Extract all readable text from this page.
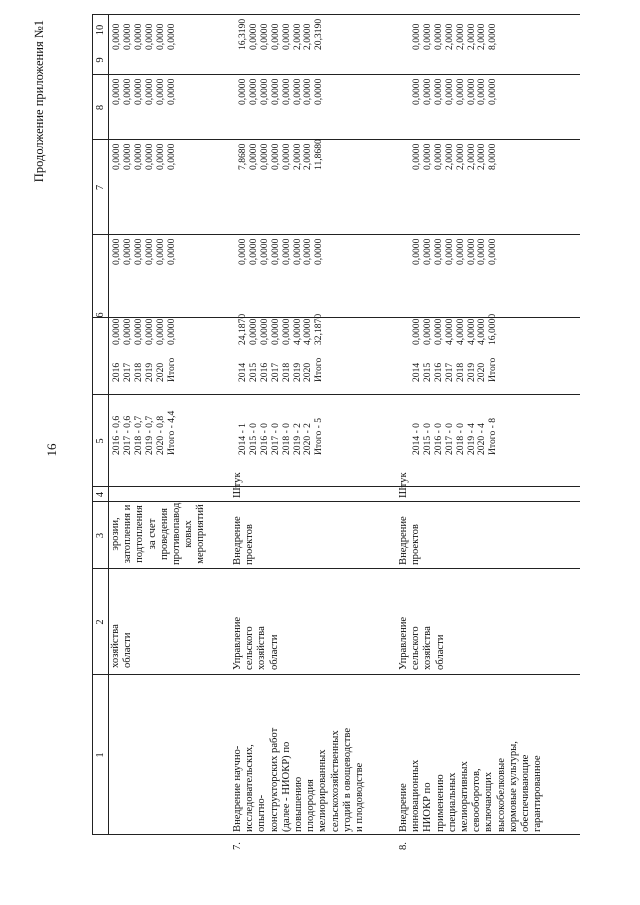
16
Продолжение приложения №1
1
2
3
4
5
6
7
8
9
10
хозяйства
области
эрозии,
затопления и
подтопления
за счет
проведения
противопавод
ковых
мероприятий
2016 - 0,6
2017 - 0,6
2018 - 0,7
2019 - 0,7
2020 - 0,8
Итого - 4,4
2016
2017
2018
2019
2020
Итого
0,0000
0,0000
0,0000
0,0000
0,0000
0,0000
0,0000
0,0000
0,0000
0,0000
0,0000
0,0000
0,0000
0,0000
0,0000
0,0000
0,0000
0,0000
0,0000
0,0000
0,0000
0,0000
0,0000
0,0000
0,0000
0,0000
0,0000
0,0000
0,0000
0,0000
7.
Внедрение научно-
исследовательских,
опытно-
конструкторских работ
(далее - НИОКР) по
повышению
плодородия
мелиорированных
сельскохозяйственных
угодий в овощеводстве
и плодоводстве
Управление
сельского
хозяйства
области
Внедрение
проектов
Штук
2014 - 1
2015 - 0
2016 - 0
2017 - 0
2018 - 0
2019 - 2
2020 - 2
Итого - 5
2014
2015
2016
2017
2018
2019
2020
Итого
24,1870
0,0000
0,0000
0,0000
0,0000
4,0000
4,0000
32,1870
0,0000
0,0000
0,0000
0,0000
0,0000
0,0000
0,0000
0,0000
7,8680
0,0000
0,0000
0,0000
0,0000
2,0000
2,0000
11,8680
0,0000
0,0000
0,0000
0,0000
0,0000
0,0000
0,0000
0,0000
16,3190
0,0000
0,0000
0,0000
0,0000
2,0000
2,0000
20,3190
8.
Внедрение
инновационных
НИОКР по
применению
специальных
мелиоративных
севооборотов,
включающих
высокобелковые
кормовые культуры,
обеспечивающие
гарантированное
Управление
сельского
хозяйства
области
Внедрение
проектов
Штук
2014 - 0
2015 - 0
2016 - 0
2017 - 0
2018 - 0
2019 - 4
2020 - 4
Итого - 8
2014
2015
2016
2017
2018
2019
2020
Итого
0,0000
0,0000
0,0000
4,0000
4,0000
4,0000
4,0000
16,0000
0,0000
0,0000
0,0000
0,0000
0,0000
0,0000
0,0000
0,0000
0,0000
0,0000
0,0000
2,0000
2,0000
2,0000
2,0000
8,0000
0,0000
0,0000
0,0000
0,0000
0,0000
0,0000
0,0000
0,0000
0,0000
0,0000
0,0000
2,0000
2,0000
2,0000
2,0000
8,0000
